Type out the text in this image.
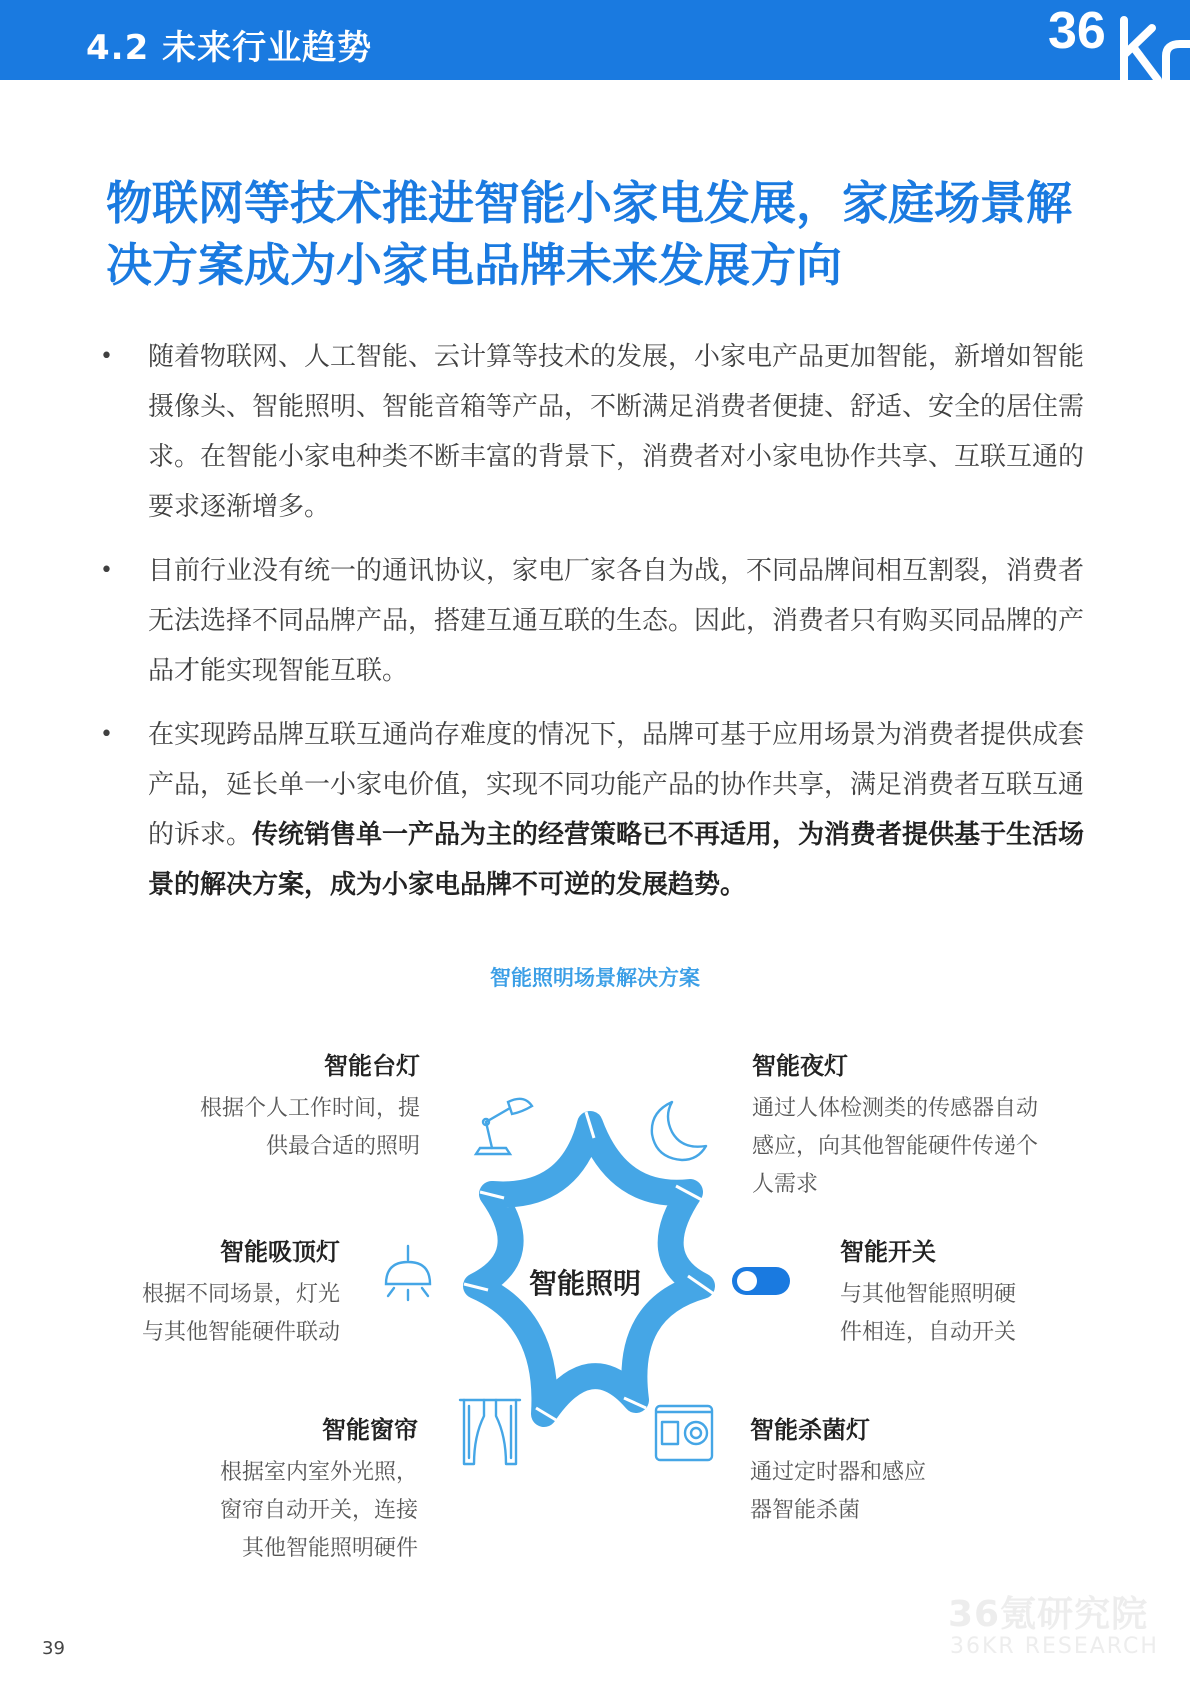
4.2 未来行业趋势	36
物联网等技术推进智能小家电发展，家庭场景解决方案成为小家电品牌未来发展方向
• 随着物联网、人工智能、云计算等技术的发展，小家电产品更加智能，新增如智能摄像头、智能照明、智能音箱等产品，不断满足消费者便捷、舒适、安全的居住需求。在智能小家电种类不断丰富的背景下，消费者对小家电协作共享、互联互通的要求逐渐增多。
• 目前行业没有统一的通讯协议，家电厂家各自为战，不同品牌间相互割裂，消费者无法选择不同品牌产品，搭建互通互联的生态。因此，消费者只有购买同品牌的产品才能实现智能互联。
• 在实现跨品牌互联互通尚存难度的情况下，品牌可基于应用场景为消费者提供成套产品，延长单一小家电价值，实现不同功能产品的协作共享，满足消费者互联互通的诉求。传统销售单一产品为主的经营策略已不再适用，为消费者提供基于生活场景的解决方案，成为小家电品牌不可逆的发展趋势。
智能照明场景解决方案
智能照明
智能台灯
根据个人工作时间，提
供最合适的照明
智能夜灯
通过人体检测类的传感器自动
感应，向其他智能硬件传递个
人需求
智能吸顶灯
根据不同场景，灯光
与其他智能硬件联动
智能开关
与其他智能照明硬
件相连，自动开关
智能窗帘
根据室内室外光照，
窗帘自动开关，连接
其他智能照明硬件
智能杀菌灯
通过定时器和感应
器智能杀菌
39
36氪研究院
36KR RESEARCH
